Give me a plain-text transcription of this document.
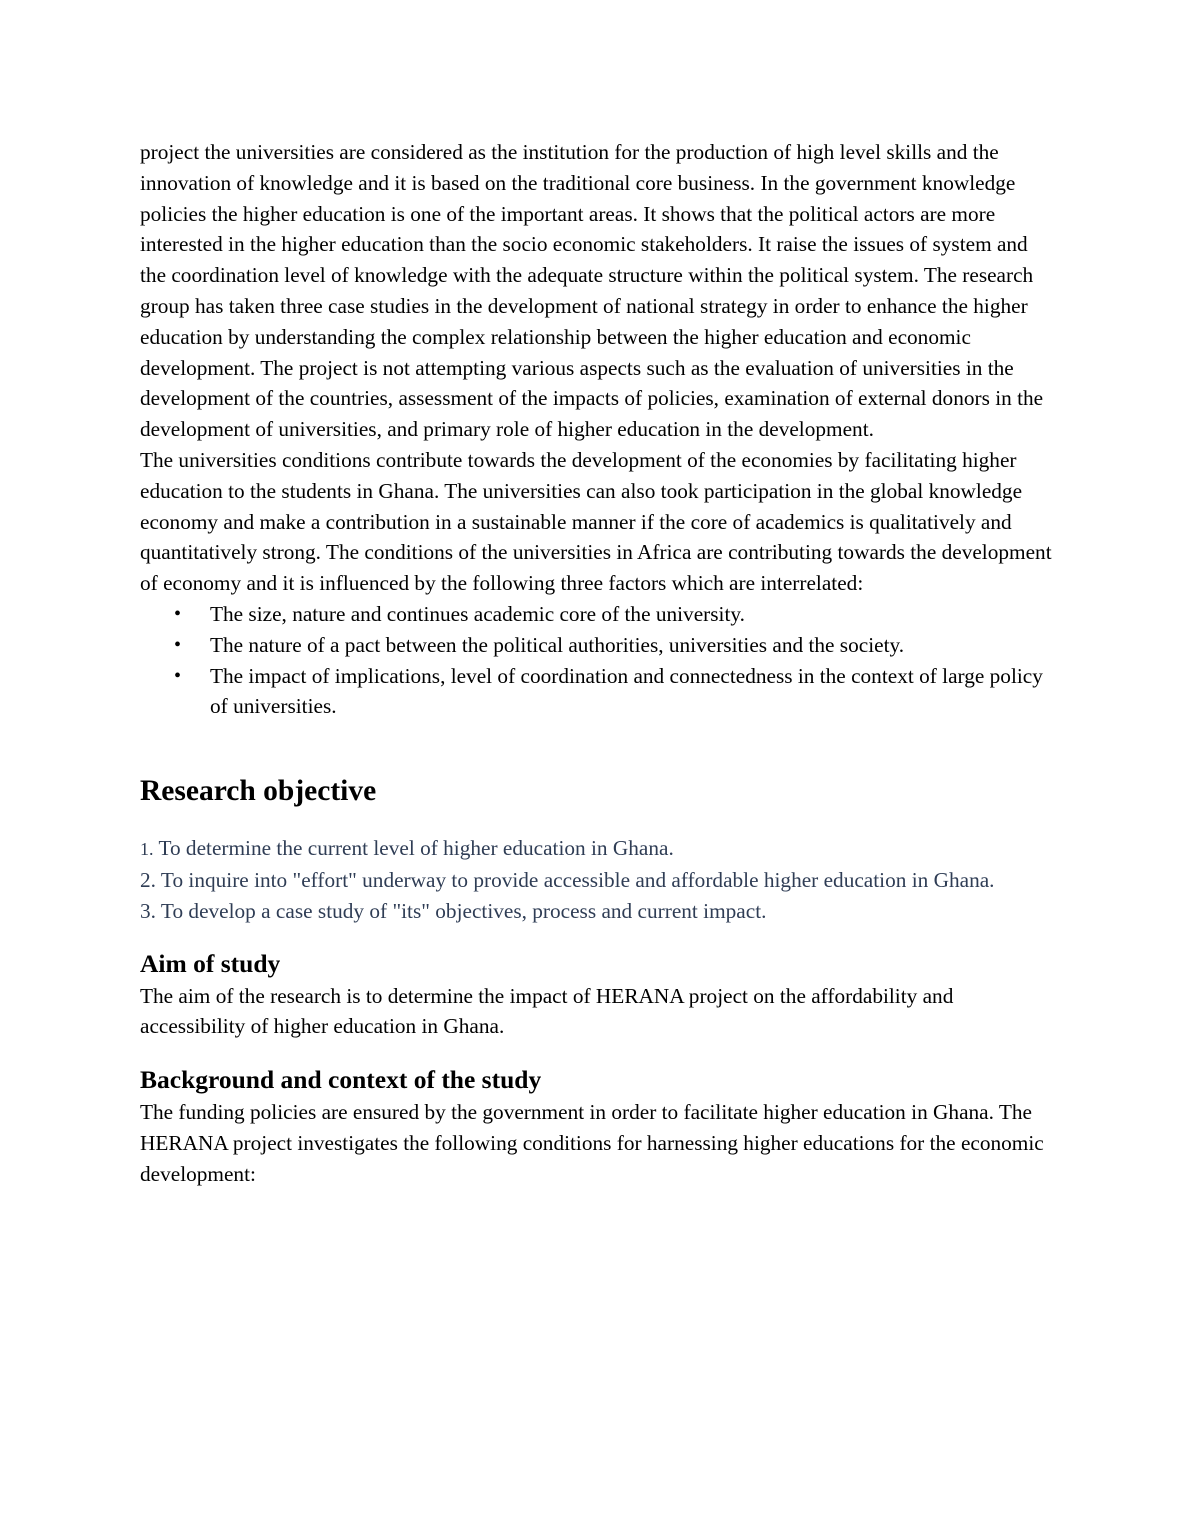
project the universities are considered as the institution for the production of high level skills and the innovation of knowledge and it is based on the traditional core business. In the government knowledge policies the higher education is one of the important areas. It shows that the political actors are more interested in the higher education than the socio economic stakeholders. It raise the issues of system and the coordination level of knowledge with the adequate structure within the political system. The research group has taken three case studies in the development of national strategy in order to enhance the higher education by understanding the complex relationship between the higher education and economic development. The project is not attempting various aspects such as the evaluation of universities in the development of the countries, assessment of the impacts of policies, examination of external donors in the development of universities, and primary role of higher education in the development.

The universities conditions contribute towards the development of the economies by facilitating higher education to the students in Ghana. The universities can also took participation in the global knowledge economy and make a contribution in a sustainable manner if the core of academics is qualitatively and quantitatively strong. The conditions of the universities in Africa are contributing towards the development of economy and it is influenced by the following three factors which are interrelated:

• The size, nature and continues academic core of the university.
• The nature of a pact between the political authorities, universities and the society.
• The impact of implications, level of coordination and connectedness in the context of large policy of universities.
Research objective
1. To determine the current level of higher education in Ghana.
2. To inquire into "effort" underway to provide accessible and affordable higher education in Ghana.
3. To develop a case study of "its" objectives, process and current impact.
Aim of study

The aim of the research is to determine the impact of HERANA project on the affordability and accessibility of higher education in Ghana.

Background and context of the study

The funding policies are ensured by the government in order to facilitate higher education in Ghana. The HERANA project investigates the following conditions for harnessing higher educations for the economic development:
